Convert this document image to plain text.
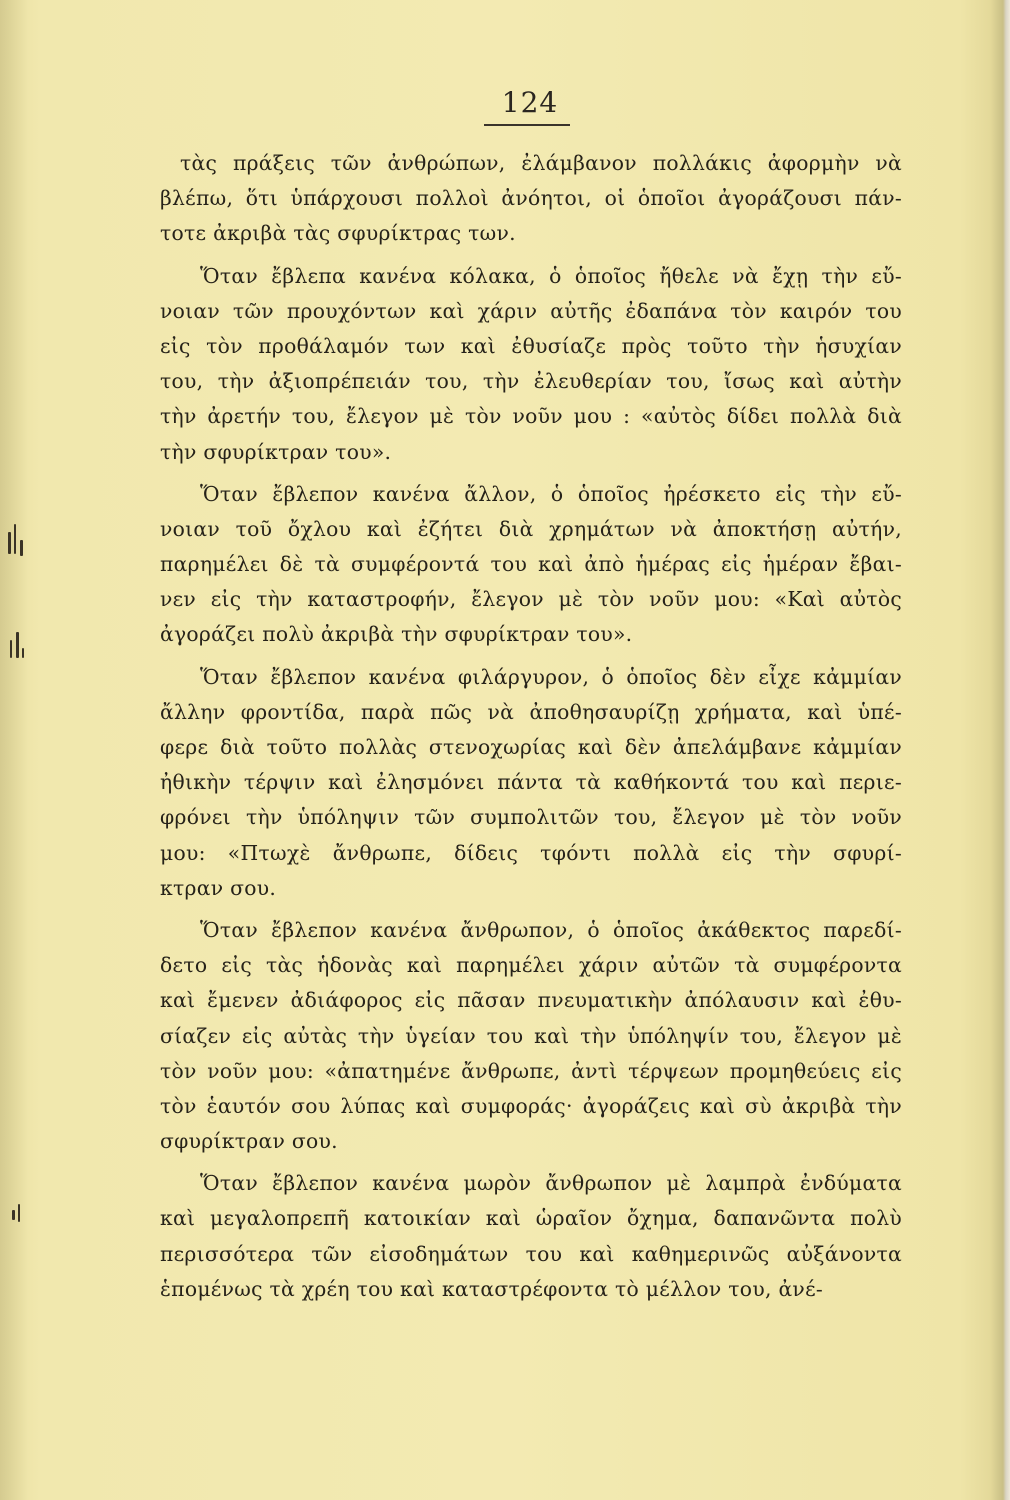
124
τὰς πράξεις τῶν ἀνθρώπων, ἐλάμβανον πολλάκις ἀφορμὴν νὰ
βλέπω, ὅτι ὑπάρχουσι πολλοὶ ἀνόητοι, οἱ ὁποῖοι ἀγοράζουσι πάν-
τοτε ἀκριβὰ τὰς σφυρίκτρας των.
Ὅταν ἔβλεπα κανένα κόλακα, ὁ ὁποῖος ἤθελε νὰ ἔχῃ τὴν εὔ-
νοιαν τῶν προυχόντων καὶ χάριν αὐτῆς ἐδαπάνα τὸν καιρόν του
εἰς τὸν προθάλαμόν των καὶ ἐθυσίαζε πρὸς τοῦτο τὴν ἡσυχίαν
του, τὴν ἀξιοπρέπειάν του, τὴν ἐλευθερίαν του, ἴσως καὶ αὐτὴν
τὴν ἀρετήν του, ἔλεγον μὲ τὸν νοῦν μου : «αὐτὸς δίδει πολλὰ διὰ
τὴν σφυρίκτραν του».
Ὅταν ἔβλεπον κανένα ἄλλον, ὁ ὁποῖος ἠρέσκετο εἰς τὴν εὔ-
νοιαν τοῦ ὄχλου καὶ ἐζήτει διὰ χρημάτων νὰ ἀποκτήσῃ αὐτήν,
παρημέλει δὲ τὰ συμφέροντά του καὶ ἀπὸ ἡμέρας εἰς ἡμέραν ἔβαι-
νεν εἰς τὴν καταστροφήν, ἔλεγον μὲ τὸν νοῦν μου: «Καὶ αὐτὸς
ἀγοράζει πολὺ ἀκριβὰ τὴν σφυρίκτραν του».
Ὅταν ἔβλεπον κανένα φιλάργυρον, ὁ ὁποῖος δὲν εἶχε κἀμμίαν
ἄλλην φροντίδα, παρὰ πῶς νὰ ἀποθησαυρίζῃ χρήματα, καὶ ὑπέ-
φερε διὰ τοῦτο πολλὰς στενοχωρίας καὶ δὲν ἀπελάμβανε κἀμμίαν
ἠθικὴν τέρψιν καὶ ἐλησμόνει πάντα τὰ καθήκοντά του καὶ περιε-
φρόνει τὴν ὑπόληψιν τῶν συμπολιτῶν του, ἔλεγον μὲ τὸν νοῦν
μου: «Πτωχὲ ἄνθρωπε, δίδεις τφόντι πολλὰ εἰς τὴν σφυρί-
κτραν σου.
Ὅταν ἔβλεπον κανένα ἄνθρωπον, ὁ ὁποῖος ἀκάθεκτος παρεδί-
δετο εἰς τὰς ἡδονὰς καὶ παρημέλει χάριν αὐτῶν τὰ συμφέροντα
καὶ ἔμενεν ἀδιάφορος εἰς πᾶσαν πνευματικὴν ἀπόλαυσιν καὶ ἐθυ-
σίαζεν εἰς αὐτὰς τὴν ὑγείαν του καὶ τὴν ὑπόληψίν του, ἔλεγον μὲ
τὸν νοῦν μου: «ἀπατημένε ἄνθρωπε, ἀντὶ τέρψεων προμηθεύεις εἰς
τὸν ἑαυτόν σου λύπας καὶ συμφοράς· ἀγοράζεις καὶ σὺ ἀκριβὰ τὴν
σφυρίκτραν σου.
Ὅταν ἔβλεπον κανένα μωρὸν ἄνθρωπον μὲ λαμπρὰ ἐνδύματα
καὶ μεγαλοπρεπῆ κατοικίαν καὶ ὡραῖον ὄχημα, δαπανῶντα πολὺ
περισσότερα τῶν εἰσοδημάτων του καὶ καθημερινῶς αὐξάνοντα
ἑπομένως τὰ χρέη του καὶ καταστρέφοντα τὸ μέλλον του, ἀνέ-
